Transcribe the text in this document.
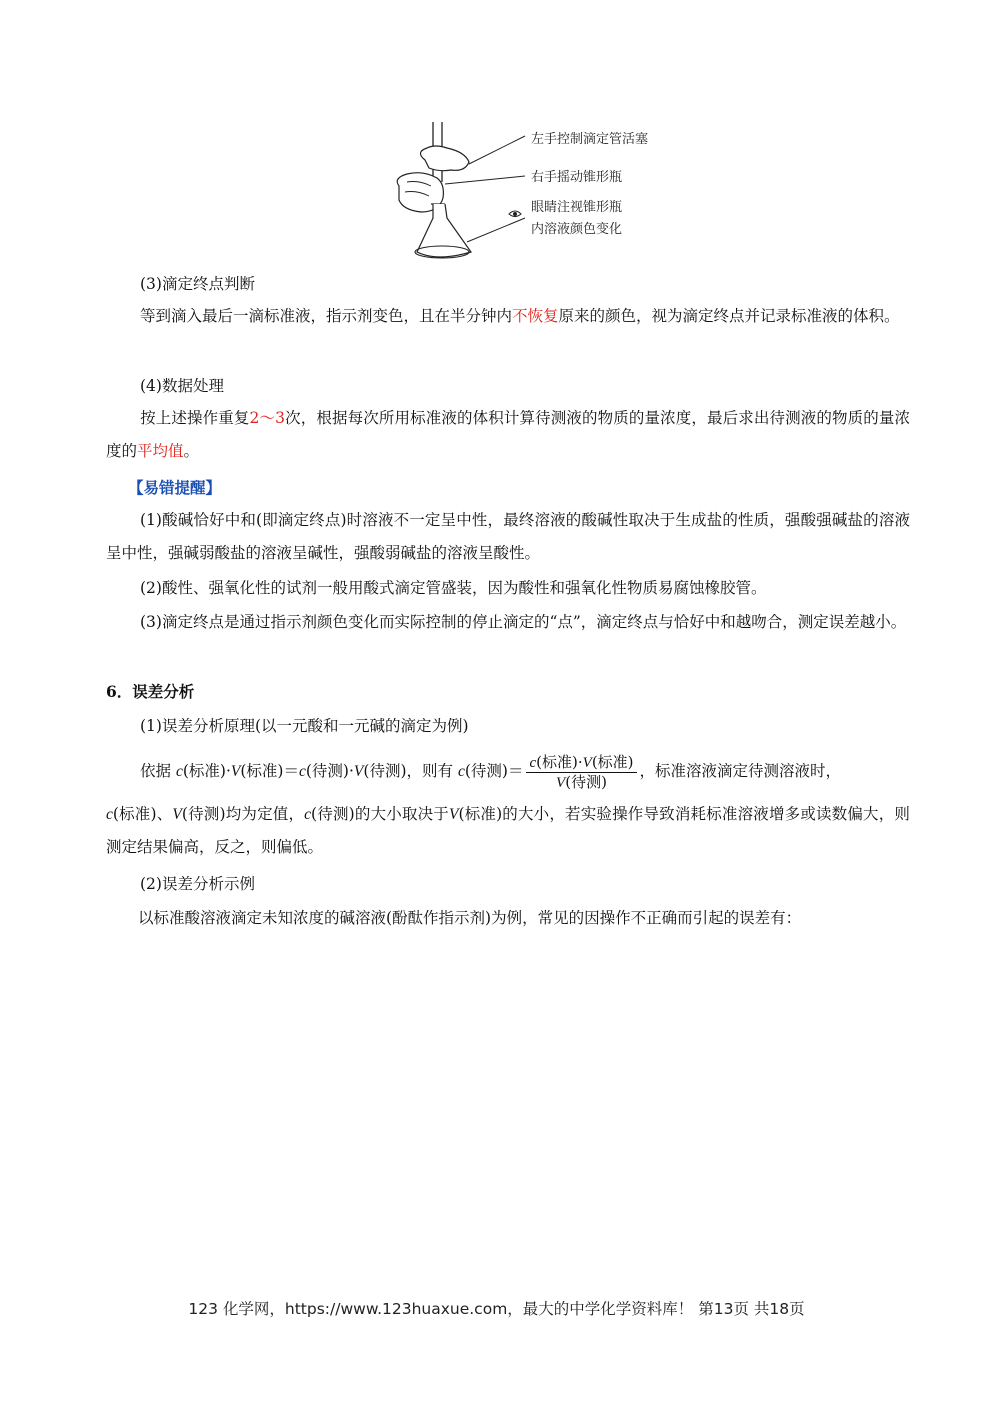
左手控制滴定管活塞
右手摇动锥形瓶
眼睛注视锥形瓶
内溶液颜色变化
(3)滴定终点判断
等到滴入最后一滴标准液，指示剂变色，且在半分钟内不恢复原来的颜色，视为滴定终点并记录标准液的体积。
(4)数据处理
按上述操作重复2～3次，根据每次所用标准液的体积计算待测液的物质的量浓度，最后求出待测液的物质的量浓度的平均值。
【易错提醒】
(1)酸碱恰好中和(即滴定终点)时溶液不一定呈中性，最终溶液的酸碱性取决于生成盐的性质，强酸强碱盐的溶液呈中性，强碱弱酸盐的溶液呈碱性，强酸弱碱盐的溶液呈酸性。
(2)酸性、强氧化性的试剂一般用酸式滴定管盛装，因为酸性和强氧化性物质易腐蚀橡胶管。
(3)滴定终点是通过指示剂颜色变化而实际控制的停止滴定的“点”，滴定终点与恰好中和越吻合，测定误差越小。
6．误差分析
(1)误差分析原理(以一元酸和一元碱的滴定为例)
依据 c(标准)·V(标准)＝c(待测)·V(待测)，则有 c(待测)＝ $\frac{\text{c(标准)·V(标准)}}{\text{V(待测)}}$ ，标准溶液滴定待测溶液时，
c(标准)、V(待测)均为定值，c(待测)的大小取决于V(标准)的大小，若实验操作导致消耗标准溶液增多或读数偏大，则测定结果偏高，反之，则偏低。
(2)误差分析示例
以标准酸溶液滴定未知浓度的碱溶液(酚酞作指示剂)为例，常见的因操作不正确而引起的误差有：
123 化学网，https://www.123huaxue.com，最大的中学化学资料库！ 第13页 共18页
